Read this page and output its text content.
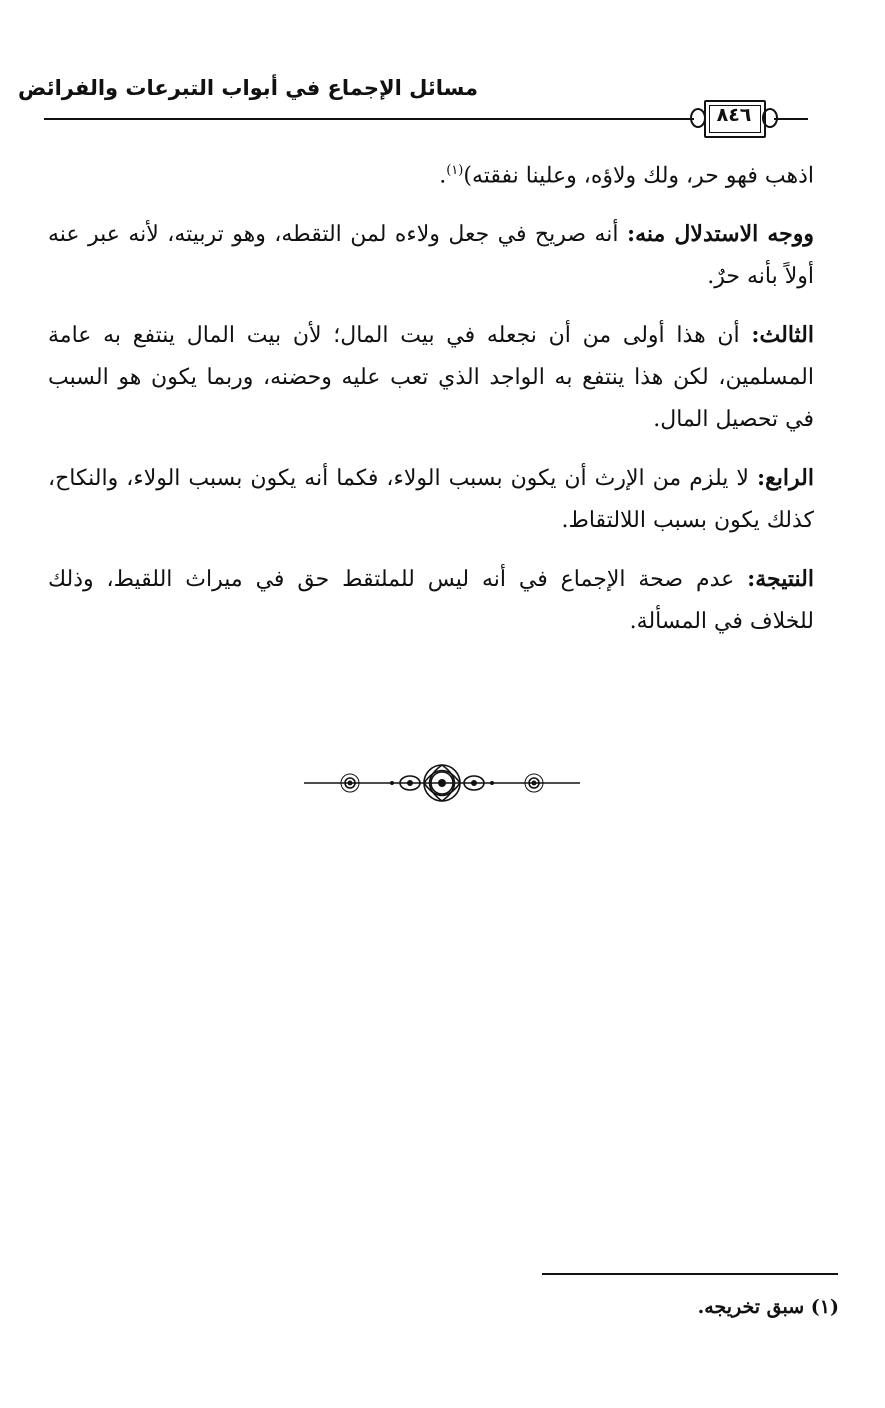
مسائل الإجماع في أبواب التبرعات والفرائض
٨٤٦

اذهب فهو حر، ولك ولاؤه، وعلينا نفقته)$^{(١)}$.

ووجه الاستدلال منه: أنه صريح في جعل ولاءه لمن التقطه، وهو تربيته، لأنه عبر عنه أولاً بأنه حرٌ.

الثالث: أن هذا أولى من أن نجعله في بيت المال؛ لأن بيت المال ينتفع به عامة المسلمين، لكن هذا ينتفع به الواجد الذي تعب عليه وحضنه، وربما يكون هو السبب في تحصيل المال.

الرابع: لا يلزم من الإرث أن يكون بسبب الولاء، فكما أنه يكون بسبب الولاء، والنكاح، كذلك يكون بسبب اللالتقاط.

النتيجة: عدم صحة الإجماع في أنه ليس للملتقط حق في ميراث اللقيط، وذلك للخلاف في المسألة.

(١) سبق تخريجه.
